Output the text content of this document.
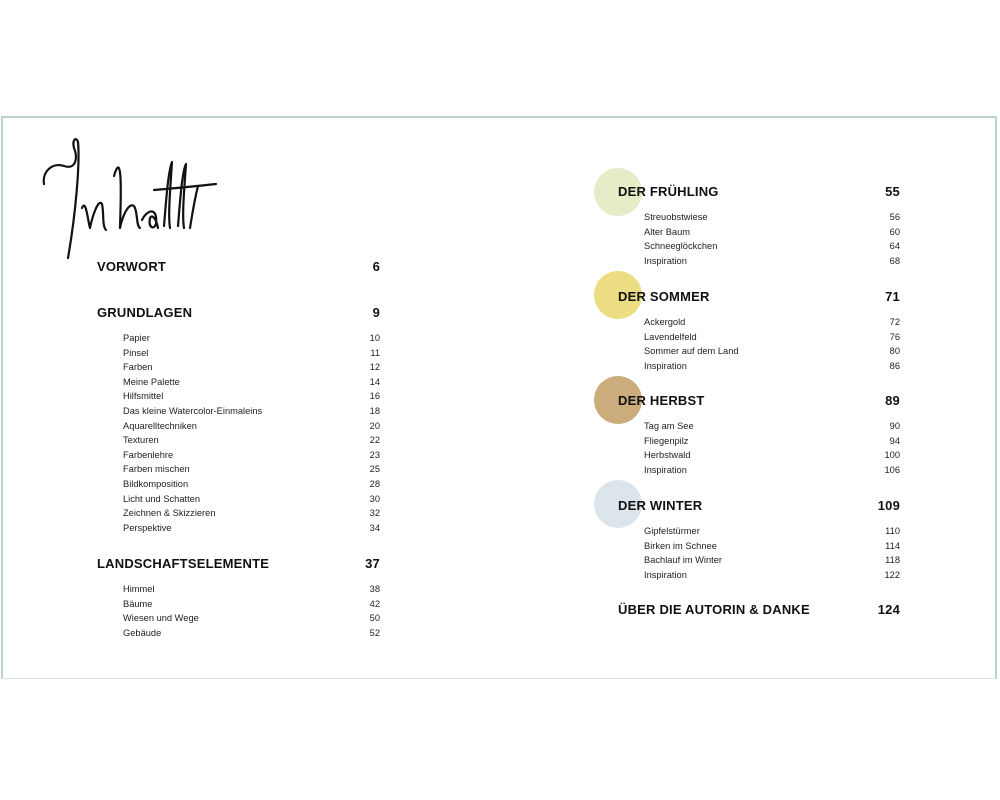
VORWORT	6
GRUNDLAGEN	9
Papier	10
Pinsel	11
Farben	12
Meine Palette	14
Hilfsmittel	16
Das kleine Watercolor-Einmaleins	18
Aquarelltechniken	20
Texturen	22
Farbenlehre	23
Farben mischen	25
Bildkomposition	28
Licht und Schatten	30
Zeichnen & Skizzieren	32
Perspektive	34
LANDSCHAFTSELEMENTE	37
Himmel	38
Bäume	42
Wiesen und Wege	50
Gebäude	52
DER FRÜHLING	55
Streuobstwiese	56
Alter Baum	60
Schneeglöckchen	64
Inspiration	68
DER SOMMER	71
Ackergold	72
Lavendelfeld	76
Sommer auf dem Land	80
Inspiration	86
DER HERBST	89
Tag am See	90
Fliegenpilz	94
Herbstwald	100
Inspiration	106
DER WINTER	109
Gipfelstürmer	110
Birken im Schnee	114
Bachlauf im Winter	118
Inspiration	122
ÜBER DIE AUTORIN & DANKE	124
